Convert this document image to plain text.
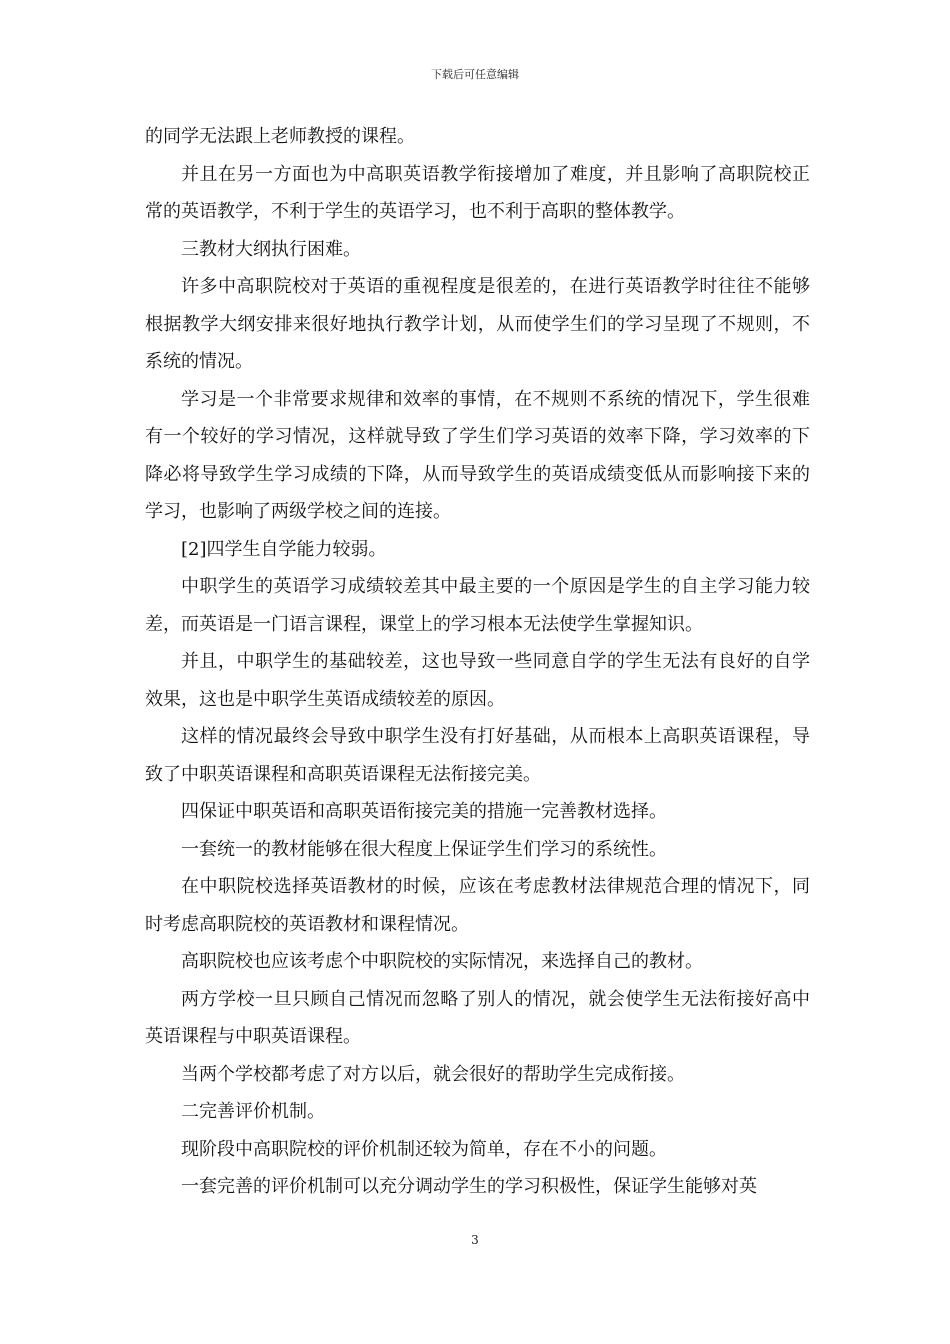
下载后可任意编辑

的同学无法跟上老师教授的课程。

并且在另一方面也为中高职英语教学衔接增加了难度，并且影响了高职院校正常的英语教学，不利于学生的英语学习，也不利于高职的整体教学。

三教材大纲执行困难。

许多中高职院校对于英语的重视程度是很差的，在进行英语教学时往往不能够根据教学大纲安排来很好地执行教学计划，从而使学生们的学习呈现了不规则，不系统的情况。

学习是一个非常要求规律和效率的事情，在不规则不系统的情况下，学生很难有一个较好的学习情况，这样就导致了学生们学习英语的效率下降，学习效率的下降必将导致学生学习成绩的下降，从而导致学生的英语成绩变低从而影响接下来的学习，也影响了两级学校之间的连接。

[2]四学生自学能力较弱。

中职学生的英语学习成绩较差其中最主要的一个原因是学生的自主学习能力较差，而英语是一门语言课程，课堂上的学习根本无法使学生掌握知识。

并且，中职学生的基础较差，这也导致一些同意自学的学生无法有良好的自学效果，这也是中职学生英语成绩较差的原因。

这样的情况最终会导致中职学生没有打好基础，从而根本上高职英语课程，导致了中职英语课程和高职英语课程无法衔接完美。

四保证中职英语和高职英语衔接完美的措施一完善教材选择。

一套统一的教材能够在很大程度上保证学生们学习的系统性。

在中职院校选择英语教材的时候，应该在考虑教材法律规范合理的情况下，同时考虑高职院校的英语教材和课程情况。

高职院校也应该考虑个中职院校的实际情况，来选择自己的教材。

两方学校一旦只顾自己情况而忽略了别人的情况，就会使学生无法衔接好高中英语课程与中职英语课程。

当两个学校都考虑了对方以后，就会很好的帮助学生完成衔接。

二完善评价机制。

现阶段中高职院校的评价机制还较为简单，存在不小的问题。

一套完善的评价机制可以充分调动学生的学习积极性，保证学生能够对英

3
